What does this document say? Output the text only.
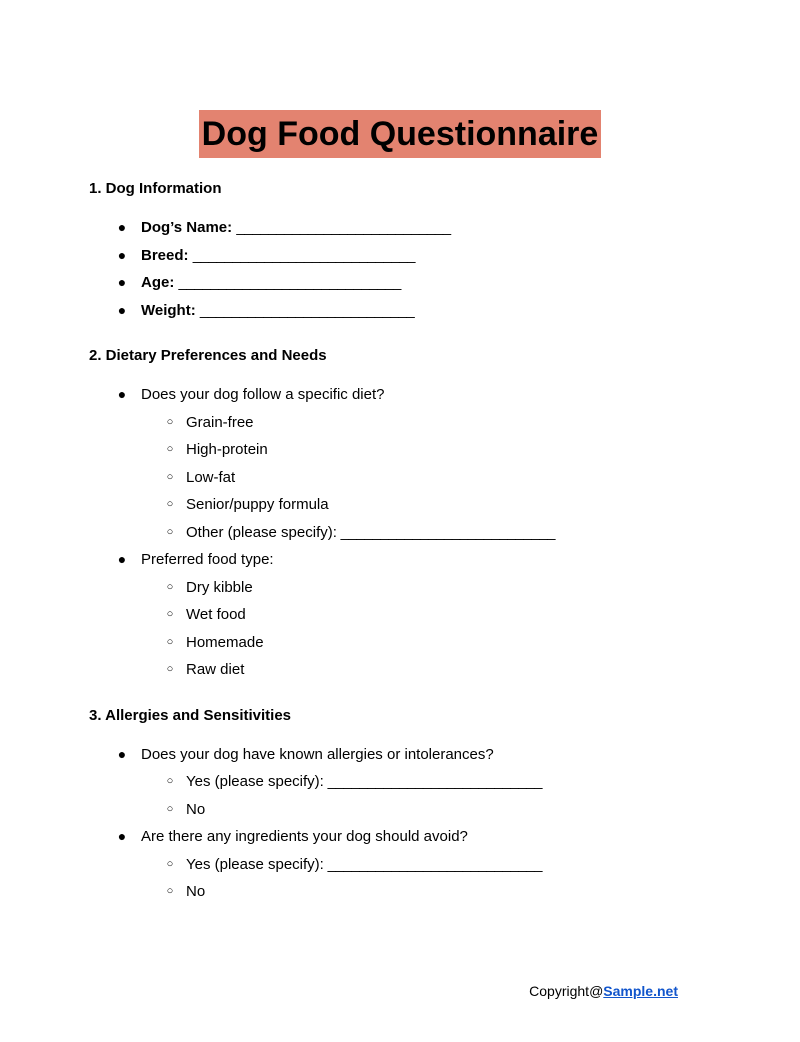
Dog Food Questionnaire
1. Dog Information
● Dog’s Name: ___________________________
● Breed: ____________________________
● Age: ____________________________
● Weight: ___________________________
2. Dietary Preferences and Needs
● Does your dog follow a specific diet?
○ Grain-free
○ High-protein
○ Low-fat
○ Senior/puppy formula
○ Other (please specify): ___________________________
● Preferred food type:
○ Dry kibble
○ Wet food
○ Homemade
○ Raw diet
3. Allergies and Sensitivities
● Does your dog have known allergies or intolerances?
○ Yes (please specify): ___________________________
○ No
● Are there any ingredients your dog should avoid?
○ Yes (please specify): ___________________________
○ No
Copyright@Sample.net
